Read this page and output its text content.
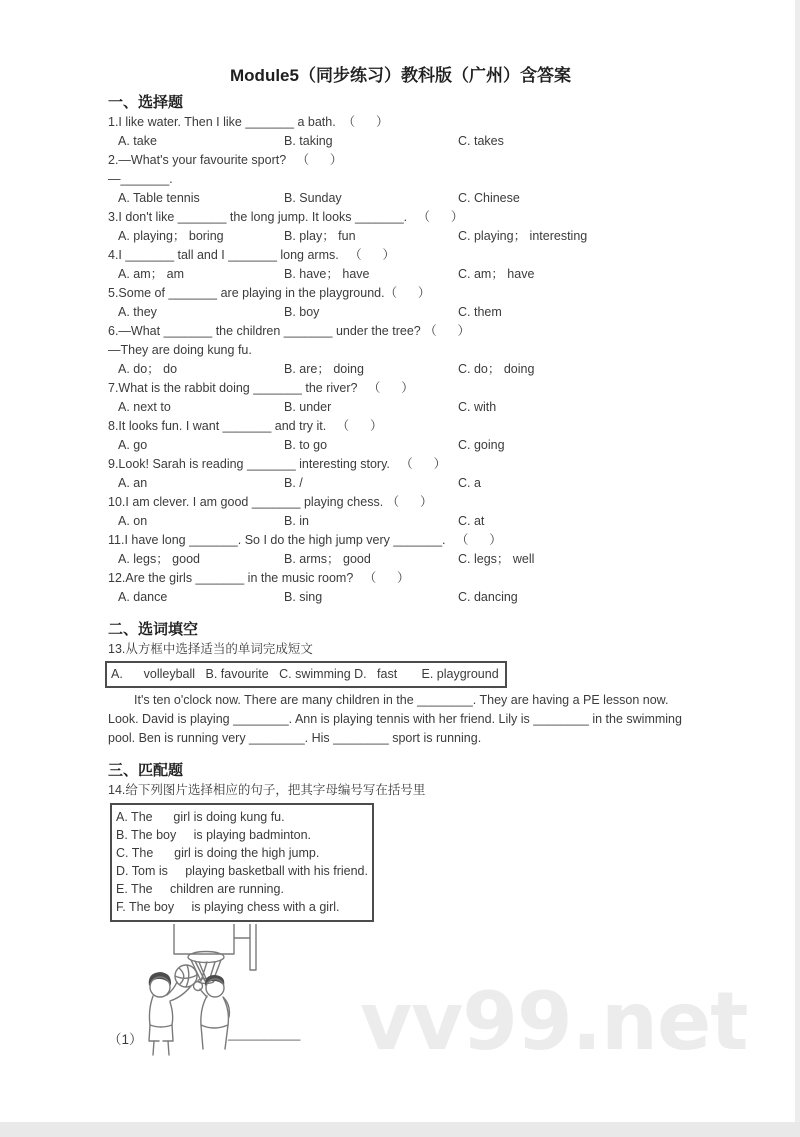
vv99.net
Module5（同步练习）教科版（广州）含答案
一、选择题
1.I like water. Then I like _______ a bath.  （      ）
A. take	B. taking	C. takes
2.—What's your favourite sport?   （      ）
—_______.
A. Table tennis	B. Sunday	C. Chinese
3.I don't like _______ the long jump. It looks _______.   （      ）
A. playing； boring	B. play； fun	C. playing； interesting
4.I _______ tall and I _______ long arms.   （      ）
A. am； am	B. have； have	C. am； have
5.Some of _______ are playing in the playground.（      ）
A. they	B. boy	C. them
6.—What _______ the children _______ under the tree? （      ）
—They are doing kung fu.
A. do； do	B. are； doing	C. do； doing
7.What is the rabbit doing _______ the river?   （      ）
A. next to	B. under	C. with
8.It looks fun. I want _______ and try it.   （      ）
A. go	B. to go	C. going
9.Look! Sarah is reading _______ interesting story.   （      ）
A. an	B. /	C. a
10.I am clever. I am good _______ playing chess. （      ）
A. on	B. in	C. at
11.I have long _______. So I do the high jump very _______.   （      ）
A. legs； good	B. arms； good	C. legs； well
12.Are the girls _______ in the music room?   （      ）
A. dance	B. sing	C. dancing
二、选词填空
13.从方框中选择适当的单词完成短文
A.      volleyball   B. favourite   C. swimming D.   fast       E. playground
It's ten o'clock now. There are many children in the ________. They are having a PE lesson now. Look. David is playing ________. Ann is playing tennis with her friend. Lily is ________ in the swimming pool. Ben is running very ________. His ________ sport is running.
三、匹配题
14.给下列图片选择相应的句子，把其字母编号写在括号里
A. The      girl is doing kung fu.
B. The boy     is playing badminton.
C. The      girl is doing the high jump.
D. Tom is     playing basketball with his friend.
E. The     children are running.
F. The boy     is playing chess with a girl.
（1）	__________
